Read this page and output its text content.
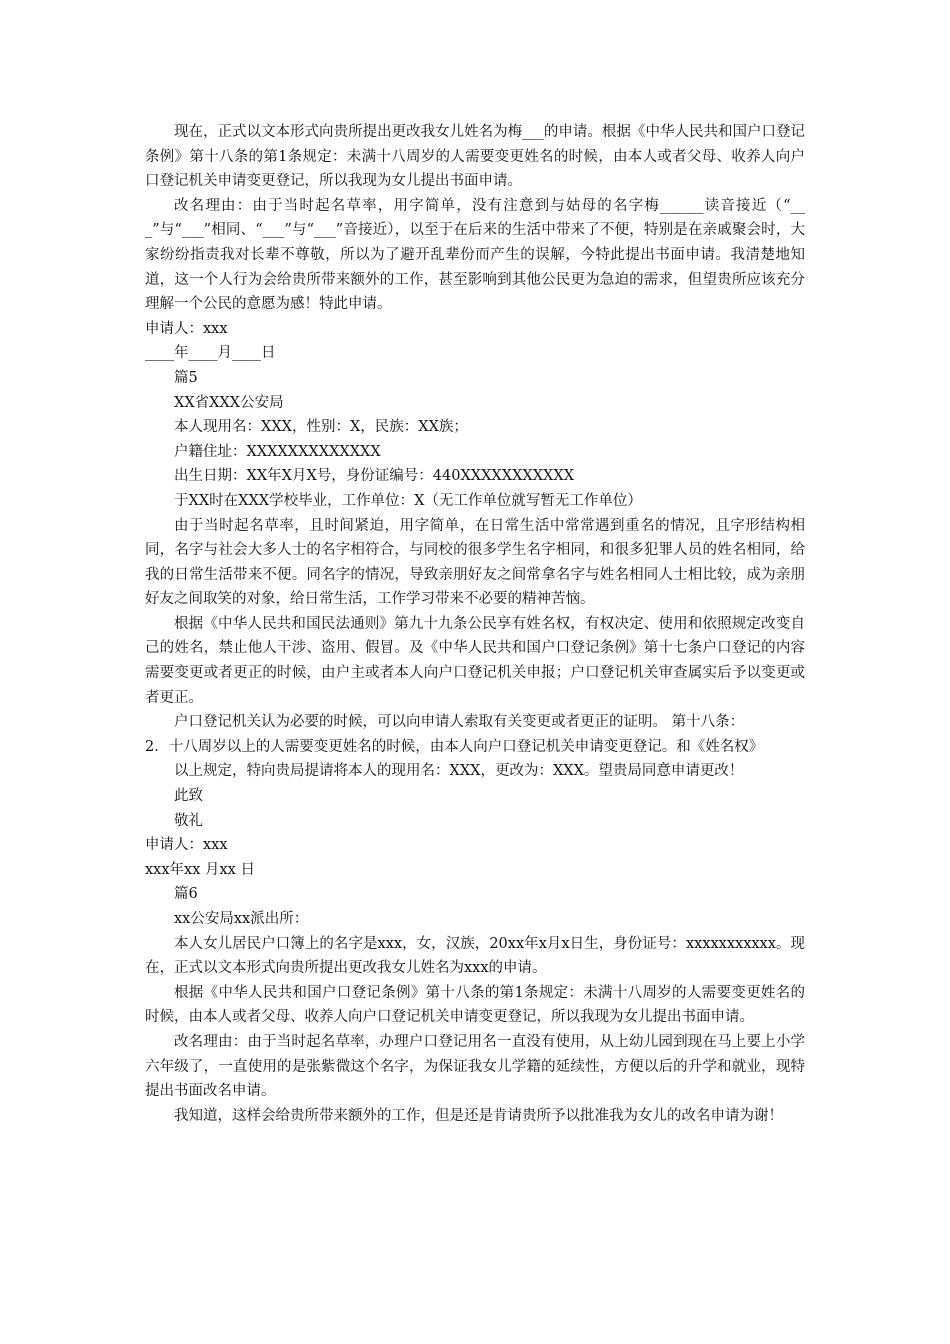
现在，正式以文本形式向贵所提出更改我女儿姓名为梅___的申请。根据《中华人民共和国户口登记条例》第十八条的第1条规定：未满十八周岁的人需要变更姓名的时候，由本人或者父母、收养人向户口登记机关申请变更登记，所以我现为女儿提出书面申请。

改名理由：由于当时起名草率，用字简单，没有注意到与姑母的名字梅______读音接近（“___”与“___”相同、“___”与“___”音接近），以至于在后来的生活中带来了不便，特别是在亲戚聚会时，大家纷纷指责我对长辈不尊敬，所以为了避开乱辈份而产生的误解，今特此提出书面申请。我清楚地知道，这一个人行为会给贵所带来额外的工作，甚至影响到其他公民更为急迫的需求，但望贵所应该充分理解一个公民的意愿为感！特此申请。

申请人：xxx

____年____月____日

篇5

XX省XXX公安局

本人现用名：XXX，性别：X，民族：XX族；

户籍住址：XXXXXXXXXXXXX

出生日期：XX年X月X号，身份证编号：440XXXXXXXXXXX

于XX时在XXX学校毕业，工作单位：X（无工作单位就写暂无工作单位）

由于当时起名草率，且时间紧迫，用字简单，在日常生活中常常遇到重名的情况，且字形结构相同，名字与社会大多人士的名字相符合，与同校的很多学生名字相同，和很多犯罪人员的姓名相同，给我的日常生活带来不便。同名字的情况，导致亲朋好友之间常拿名字与姓名相同人士相比较，成为亲朋好友之间取笑的对象，给日常生活，工作学习带来不必要的精神苦恼。

根据《中华人民共和国民法通则》第九十九条公民享有姓名权，有权决定、使用和依照规定改变自己的姓名，禁止他人干涉、盗用、假冒。及《中华人民共和国户口登记条例》第十七条户口登记的内容需要变更或者更正的时候，由户主或者本人向户口登记机关申报；户口登记机关审查属实后予以变更或者更正。

户口登记机关认为必要的时候，可以向申请人索取有关变更或者更正的证明。 第十八条：

2．十八周岁以上的人需要变更姓名的时候，由本人向户口登记机关申请变更登记。和《姓名权》

以上规定，特向贵局提请将本人的现用名：XXX，更改为：XXX。望贵局同意申请更改！

此致

敬礼

申请人：xxx

xxx年xx 月xx 日

篇6

xx公安局xx派出所：

本人女儿居民户口簿上的名字是xxx，女，汉族，20xx年x月x日生，身份证号：xxxxxxxxxxx。现在，正式以文本形式向贵所提出更改我女儿姓名为xxx的申请。

根据《中华人民共和国户口登记条例》第十八条的第1条规定：未满十八周岁的人需要变更姓名的时候，由本人或者父母、收养人向户口登记机关申请变更登记，所以我现为女儿提出书面申请。

改名理由：由于当时起名草率，办理户口登记用名一直没有使用，从上幼儿园到现在马上要上小学六年级了，一直使用的是张紫微这个名字，为保证我女儿学籍的延续性，方便以后的升学和就业，现特提出书面改名申请。

我知道，这样会给贵所带来额外的工作，但是还是肯请贵所予以批准我为女儿的改名申请为谢！
